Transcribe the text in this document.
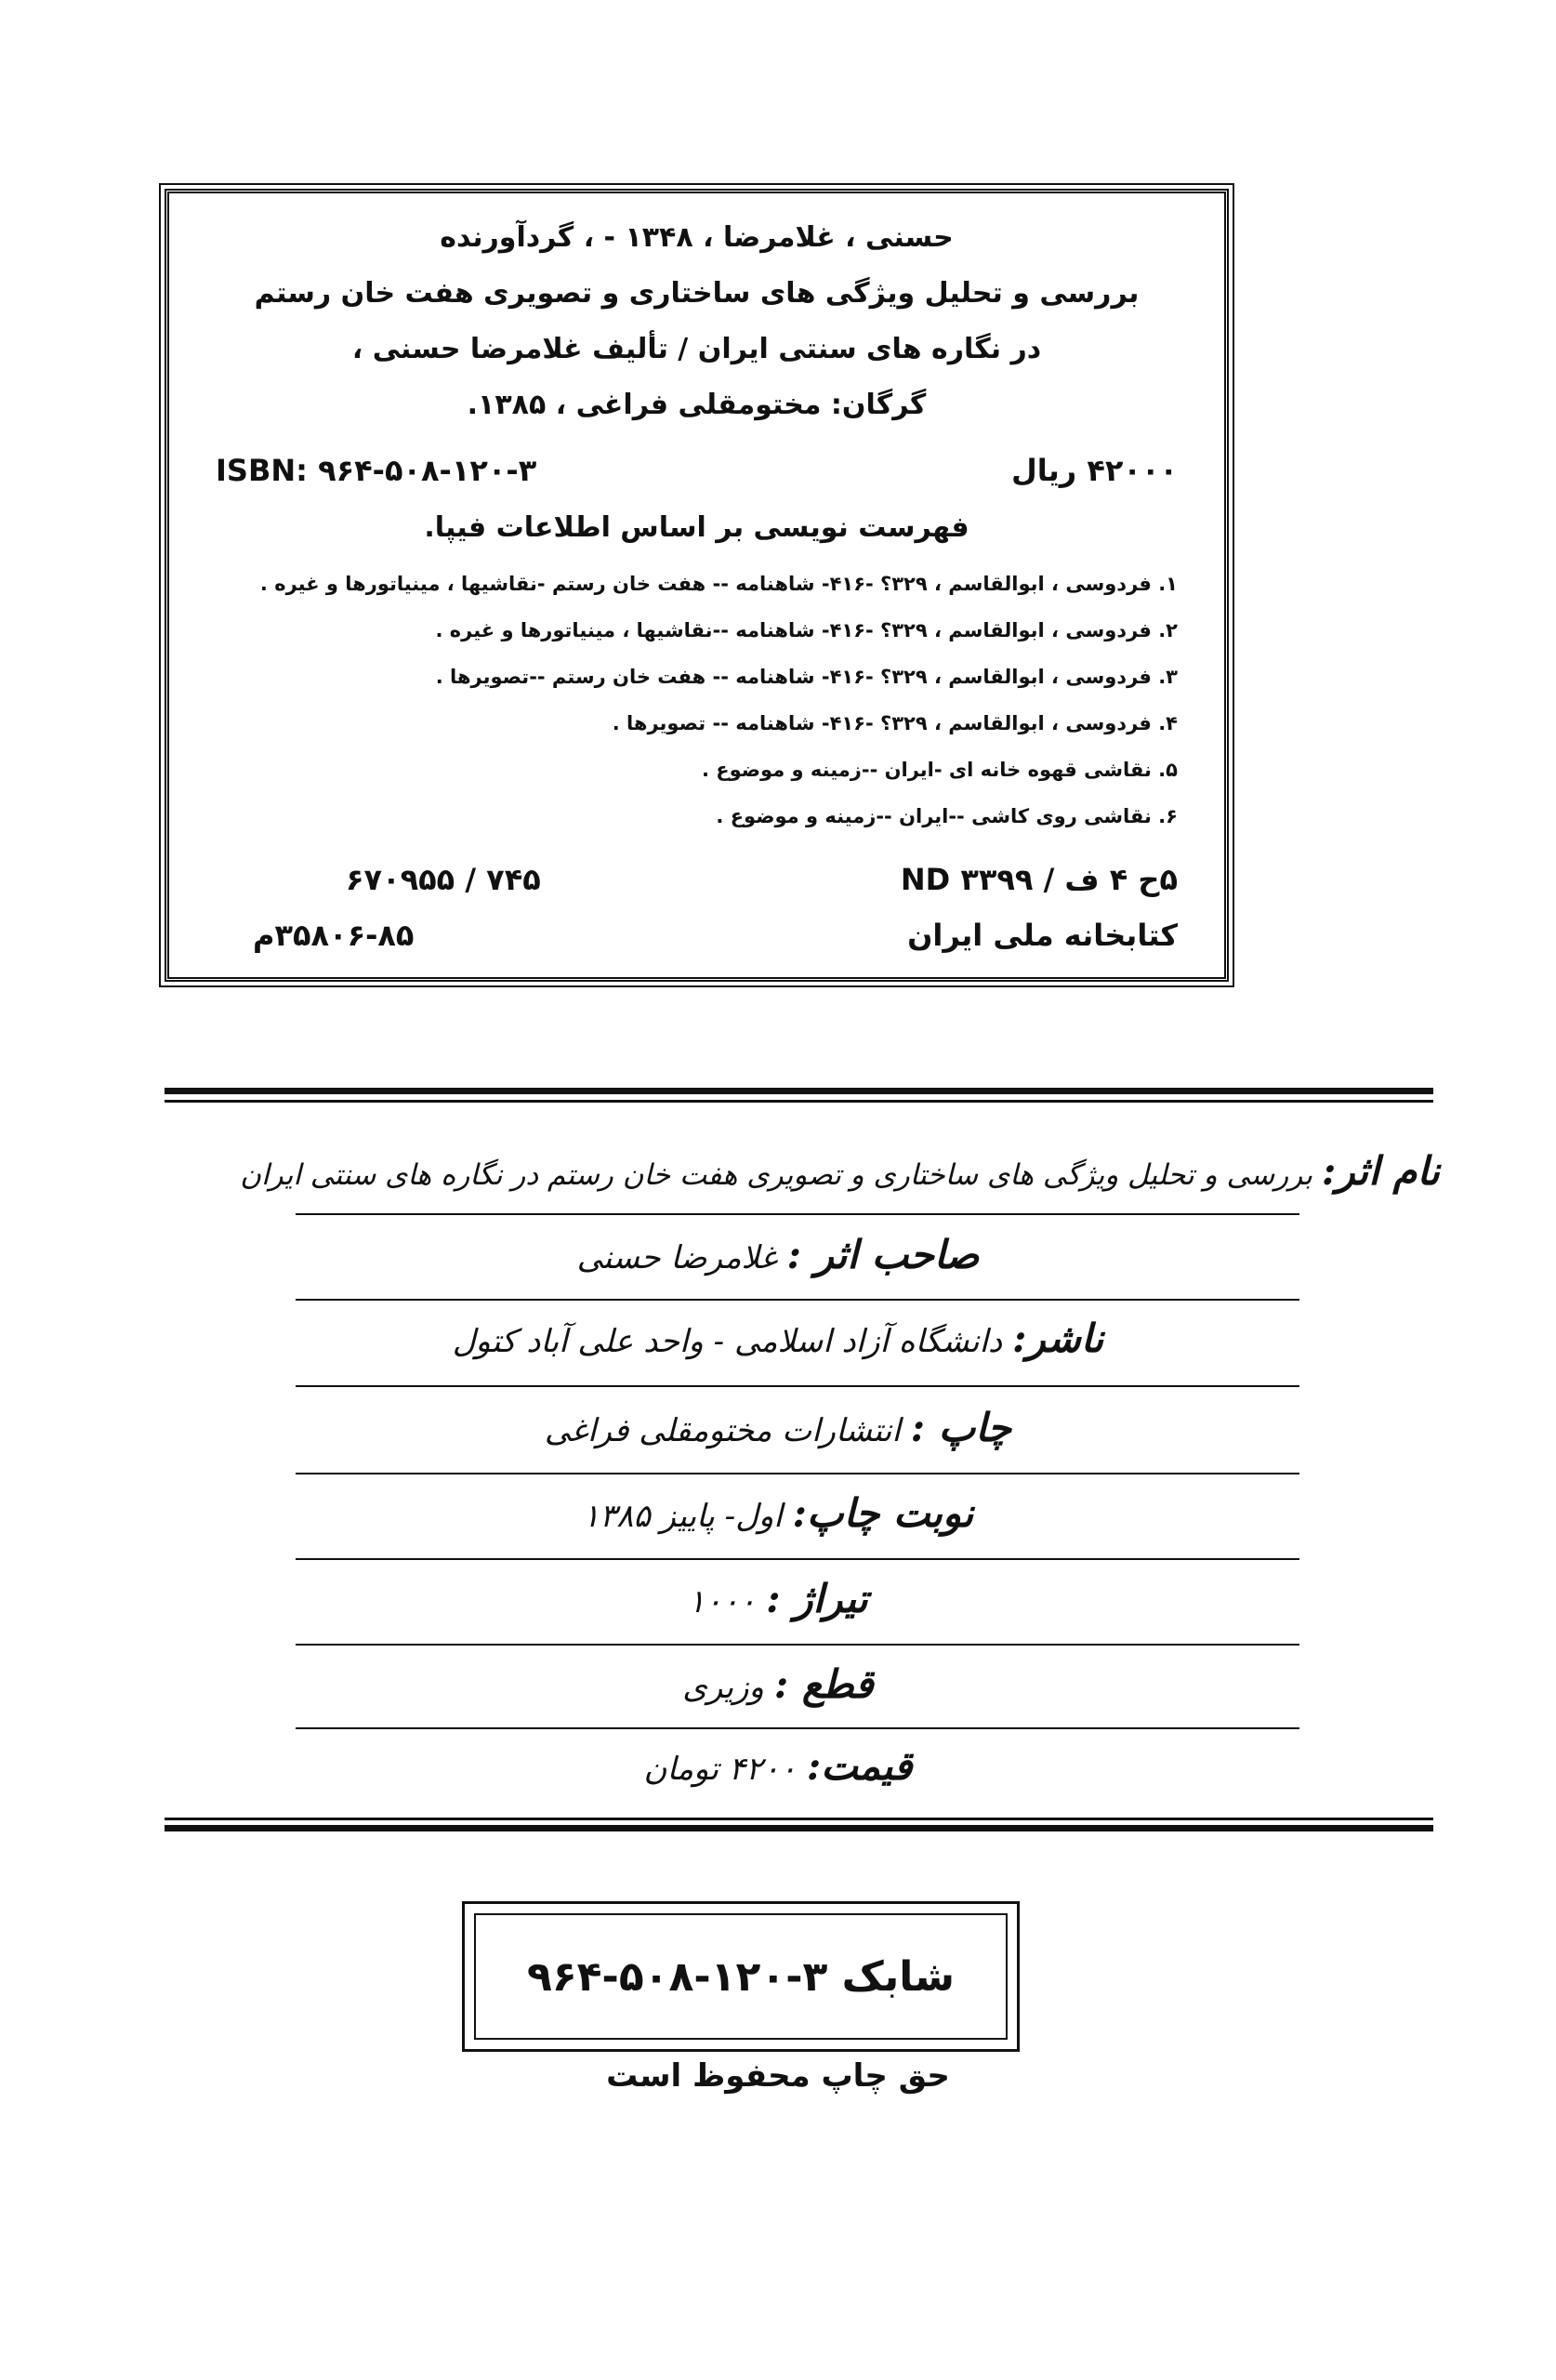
حسنی ، غلامرضا ، ۱۳۴۸ - ، گردآورنده
بررسی و تحلیل ویژگی های ساختاری و تصویری هفت خان رستم
در نگاره های سنتی ایران / تألیف غلامرضا حسنی ،
گرگان: مختومقلی فراغی ، ۱۳۸۵.
ISBN: ۹۶۴-۵۰۸-۱۲۰-۳	۴۲۰۰۰ ریال
فهرست نویسی بر اساس اطلاعات فیپا.
۱. فردوسی ، ابوالقاسم ، ۳۲۹؟ -۴۱۶- شاهنامه -- هفت خان رستم -نقاشیها ، مینیاتورها و غیره .
۲. فردوسی ، ابوالقاسم ، ۳۲۹؟ -۴۱۶- شاهنامه --نقاشیها ، مینیاتورها و غیره .
۳. فردوسی ، ابوالقاسم ، ۳۲۹؟ -۴۱۶- شاهنامه -- هفت خان رستم --تصویرها .
۴. فردوسی ، ابوالقاسم ، ۳۲۹؟ -۴۱۶- شاهنامه -- تصویرها .
۵. نقاشی قهوه خانه ای -ایران --زمینه و موضوع .
۶. نقاشی روی کاشی --ایران --زمینه و موضوع .
۷۴۵ / ۶۷۰۹۵۵	۵ح ۴ ف / ND ۳۳۹۹
۳۵۸۰۶-۸۵م	کتابخانه ملی ایران
نام اثر: بررسی و تحلیل ویژگی های ساختاری و تصویری هفت خان رستم در نگاره های سنتی ایران
صاحب اثر : غلامرضا حسنی
ناشر: دانشگاه آزاد اسلامی - واحد علی آباد کتول
چاپ : انتشارات مختومقلی فراغی
نوبت چاپ: اول- پاییز ۱۳۸۵
تیراژ : ۱۰۰۰
قطع : وزیری
قیمت: ۴۲۰۰ تومان
شابک ۳-۱۲۰-۵۰۸-۹۶۴
حق چاپ محفوظ است
